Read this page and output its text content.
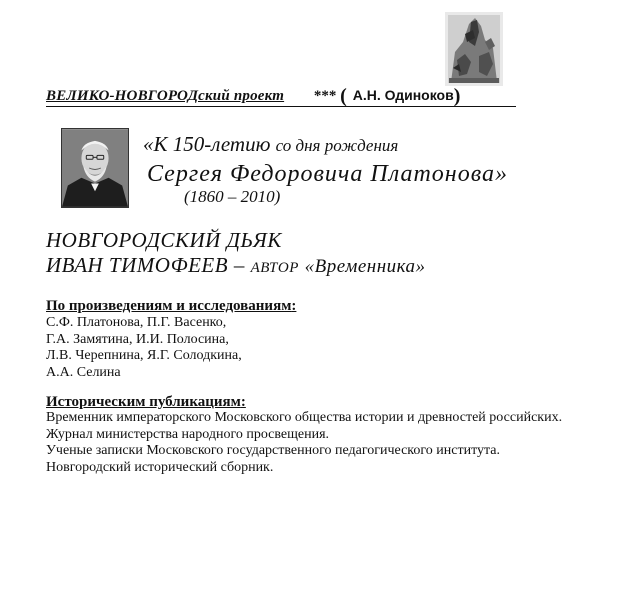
ВЕЛИКО-НОВГОРОДский проект *** ( А.Н. Одиноков)
«К 150-летию со дня рождения
Сергея Федоровича Платонова»
(1860 – 2010)
НОВГОРОДСКИЙ ДЬЯК
ИВАН ТИМОФЕЕВ – АВТОР «Временника»
По произведениям и исследованиям:
С.Ф. Платонова, П.Г. Васенко,
Г.А. Замятина, И.И. Полосина,
Л.В. Черепнина, Я.Г. Солодкина,
А.А. Селина
Историческим публикациям:
Временник императорского Московского общества истории и древностей российских.
Журнал министерства народного просвещения.
Ученые записки Московского государственного педагогического института.
Новгородский исторический сборник.
